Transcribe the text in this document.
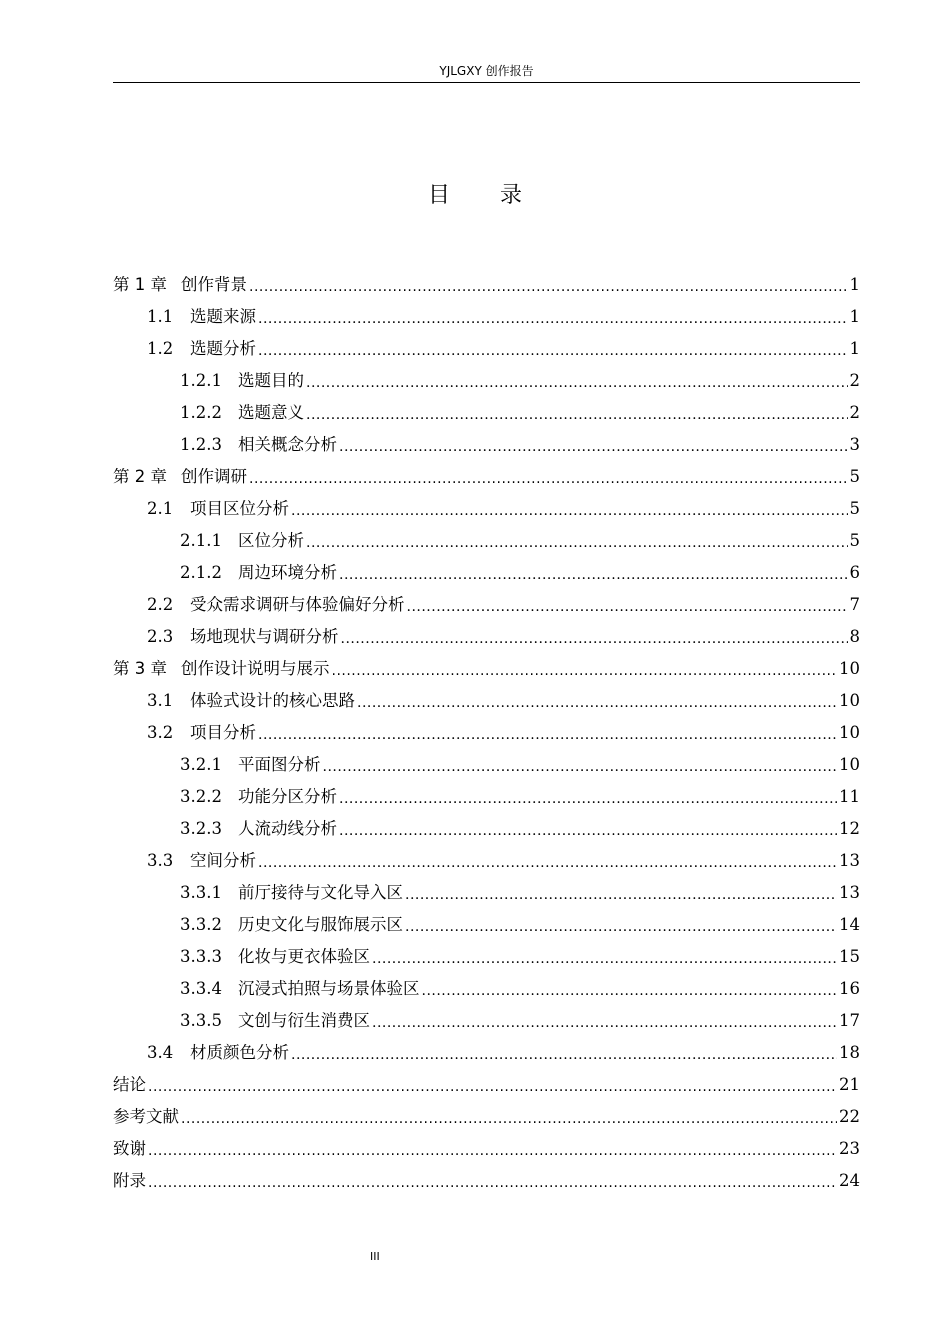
YJLGXY 创作报告
目录
第 1 章 创作背景 .....	1
1.1	选题来源 .....	1
1.2	选题分析 .....	1
1.2.1 选题目的 .....	2
1.2.2 选题意义 .....	2
1.2.3 相关概念分析 .....	3
第 2 章 创作调研 .....	5
2.1	项目区位分析 .....	5
2.1.1 区位分析 .....	5
2.1.2 周边环境分析 .....	6
2.2	受众需求调研与体验偏好分析 .....	7
2.3	场地现状与调研分析 .....	8
第 3 章 创作设计说明与展示 .....	10
3.1	体验式设计的核心思路 .....	10
3.2	项目分析 .....	10
3.2.1 平面图分析 .....	10
3.2.2 功能分区分析 .....	11
3.2.3 人流动线分析 .....	12
3.3	空间分析 .....	13
3.3.1 前厅接待与文化导入区 .....	13
3.3.2 历史文化与服饰展示区 .....	14
3.3.3 化妆与更衣体验区 .....	15
3.3.4 沉浸式拍照与场景体验区 .....	16
3.3.5 文创与衍生消费区 .....	17
3.4	材质颜色分析 .....	18
结论 .....	21
参考文献 .....	22
致谢 .....	23
附录 .....	24
III
